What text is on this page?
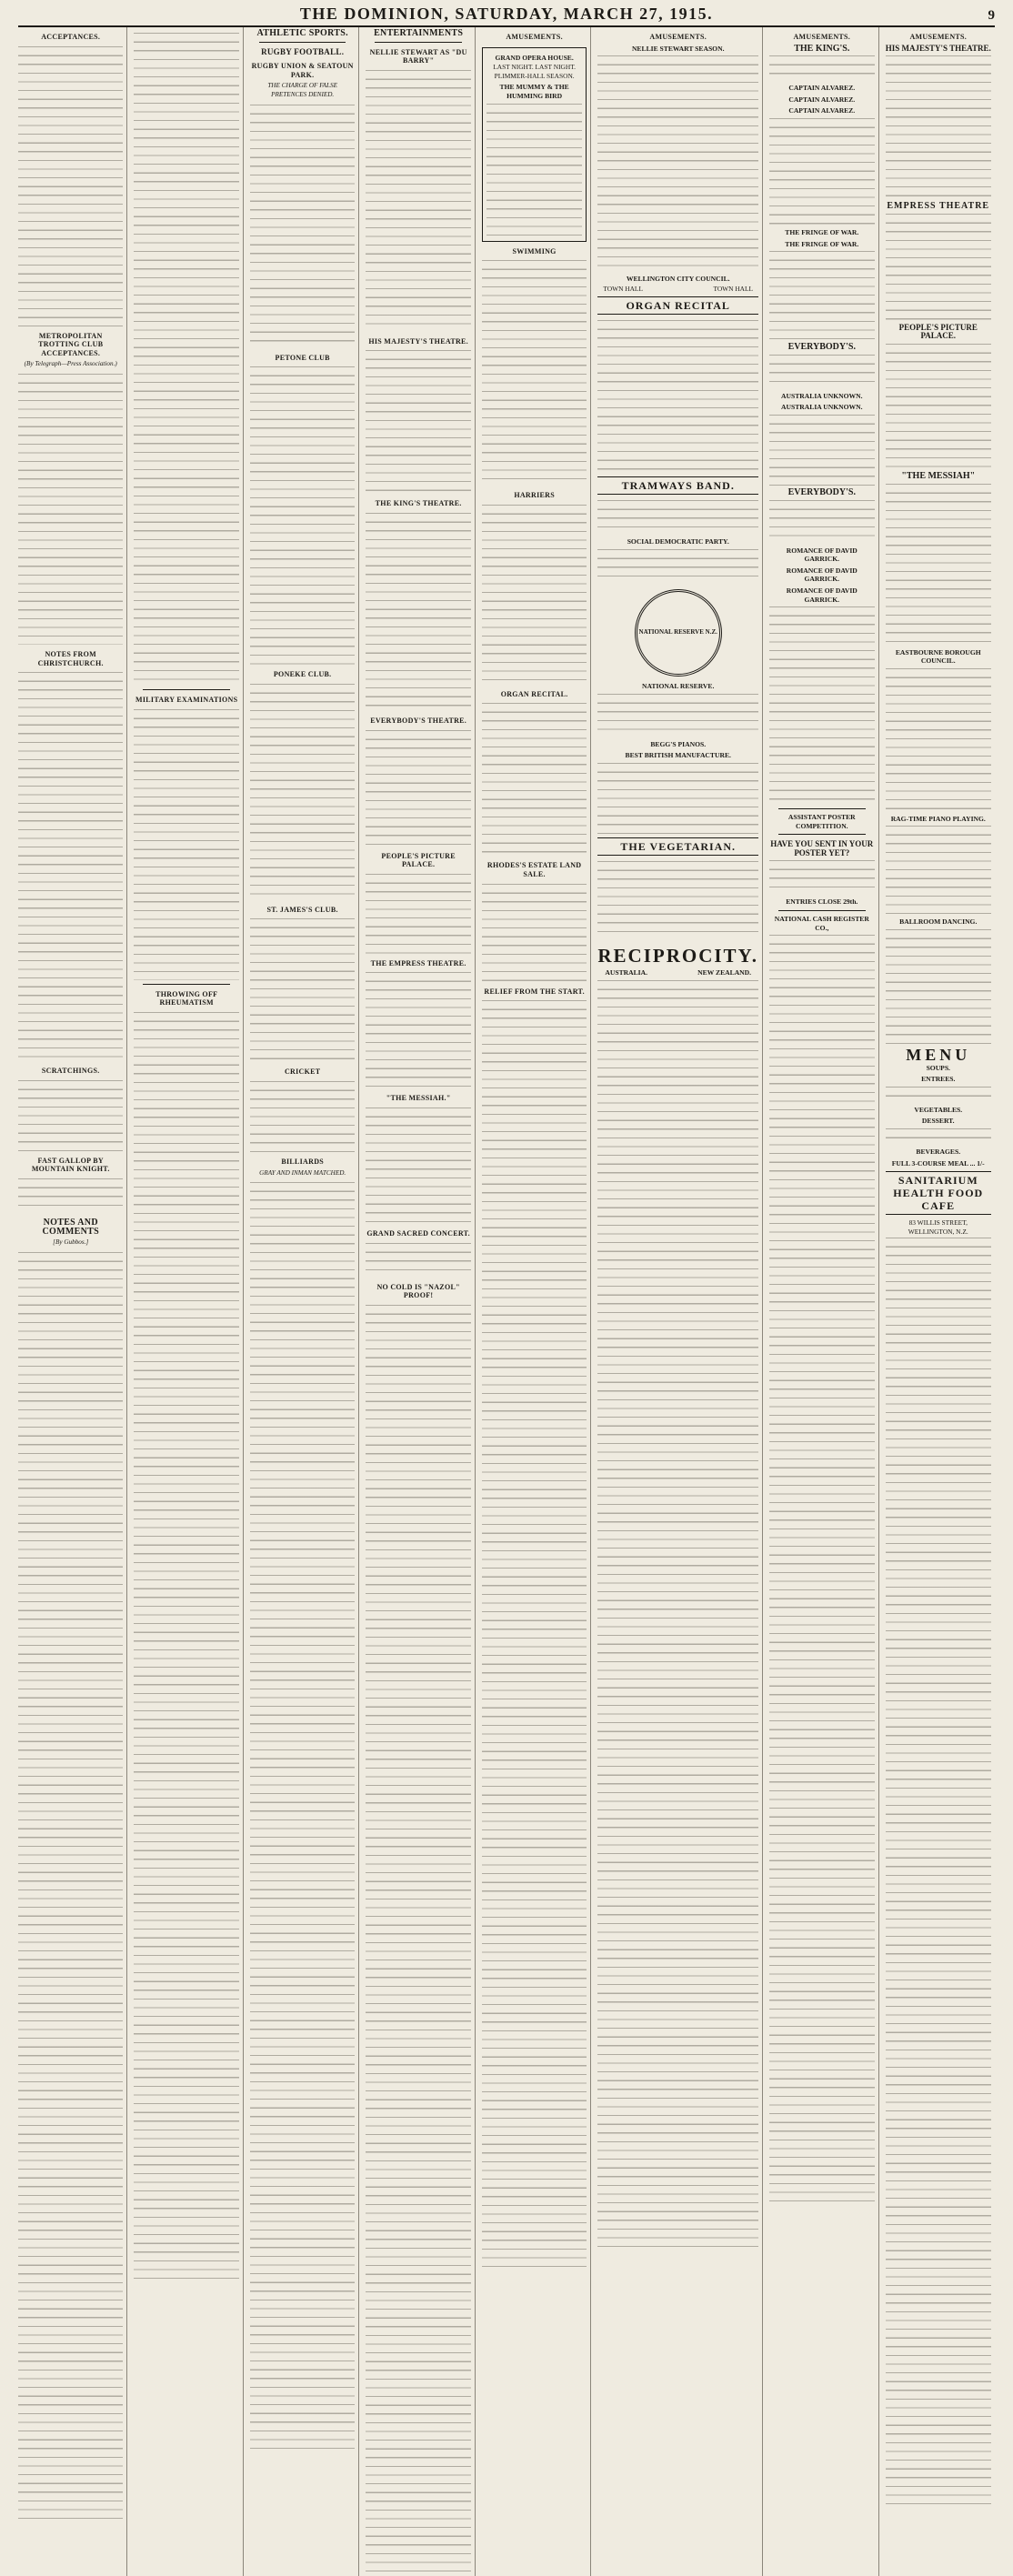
THE DOMINION, SATURDAY, MARCH 27, 1915.	9
ACCEPTANCES.
METROPOLITAN TROTTING CLUB ACCEPTANCES.
(By Telegraph—Press Association.)
NOTES FROM CHRISTCHURCH.
SCRATCHINGS.
FAST GALLOP BY MOUNTAIN KNIGHT.
NOTES AND COMMENTS
[By Gubbos.]
MILITARY EXAMINATIONS
THROWING OFF RHEUMATISM
ATHLETIC SPORTS.
RUGBY FOOTBALL.
RUGBY UNION & SEATOUN PARK.
THE CHARGE OF FALSE PRETENCES DENIED.
PETONE CLUB
PONEKE CLUB.
ST. JAMES'S CLUB.
CRICKET
BILLIARDS
GRAY AND INMAN MATCHED.
ENTERTAINMENTS
NELLIE STEWART AS "DU BARRY"
HIS MAJESTY'S THEATRE.
THE KING'S THEATRE.
EVERYBODY'S THEATRE.
PEOPLE'S PICTURE PALACE.
THE EMPRESS THEATRE.
"THE MESSIAH."
GRAND SACRED CONCERT.
NO COLD IS "NAZOL" PROOF!
AMUSEMENTS.
GRAND OPERA HOUSE.
LAST NIGHT. LAST NIGHT.
PLIMMER-HALL SEASON.
THE MUMMY & THE HUMMING BIRD
SWIMMING
HARRIERS
ORGAN RECITAL.
RHODES'S ESTATE LAND SALE.
RELIEF FROM THE START.
AMUSEMENTS.
NELLIE STEWART SEASON.
WELLINGTON CITY COUNCIL.
TOWN HALL	TOWN HALL
ORGAN RECITAL
TRAMWAYS BAND.
SOCIAL DEMOCRATIC PARTY.
NATIONAL RESERVE N.Z.
NATIONAL RESERVE.
BEGG'S PIANOS.
BEST BRITISH MANUFACTURE.
THE VEGETARIAN.
RECIPROCITY.
AUSTRALIA.	NEW ZEALAND.
AMUSEMENTS.
THE KING'S.
CAPTAIN ALVAREZ.
CAPTAIN ALVAREZ.
CAPTAIN ALVAREZ.
THE FRINGE OF WAR.
THE FRINGE OF WAR.
EVERYBODY'S.
AUSTRALIA UNKNOWN.
AUSTRALIA UNKNOWN.
EVERYBODY'S.
ROMANCE OF DAVID GARRICK.
ROMANCE OF DAVID GARRICK.
ROMANCE OF DAVID GARRICK.
ASSISTANT POSTER COMPETITION.
HAVE YOU SENT IN YOUR POSTER YET?
ENTRIES CLOSE 29th.
NATIONAL CASH REGISTER CO.,
AMUSEMENTS.
HIS MAJESTY'S THEATRE.
EMPRESS THEATRE
PEOPLE'S PICTURE PALACE.
"THE MESSIAH"
EASTBOURNE BOROUGH COUNCIL.
RAG-TIME PIANO PLAYING.
BALLROOM DANCING.
MENU
SOUPS.
ENTREES.
VEGETABLES.
DESSERT.
BEVERAGES.
FULL 3-COURSE MEAL ... 1/-
SANITARIUM HEALTH FOOD CAFE
83 WILLIS STREET, WELLINGTON, N.Z.
